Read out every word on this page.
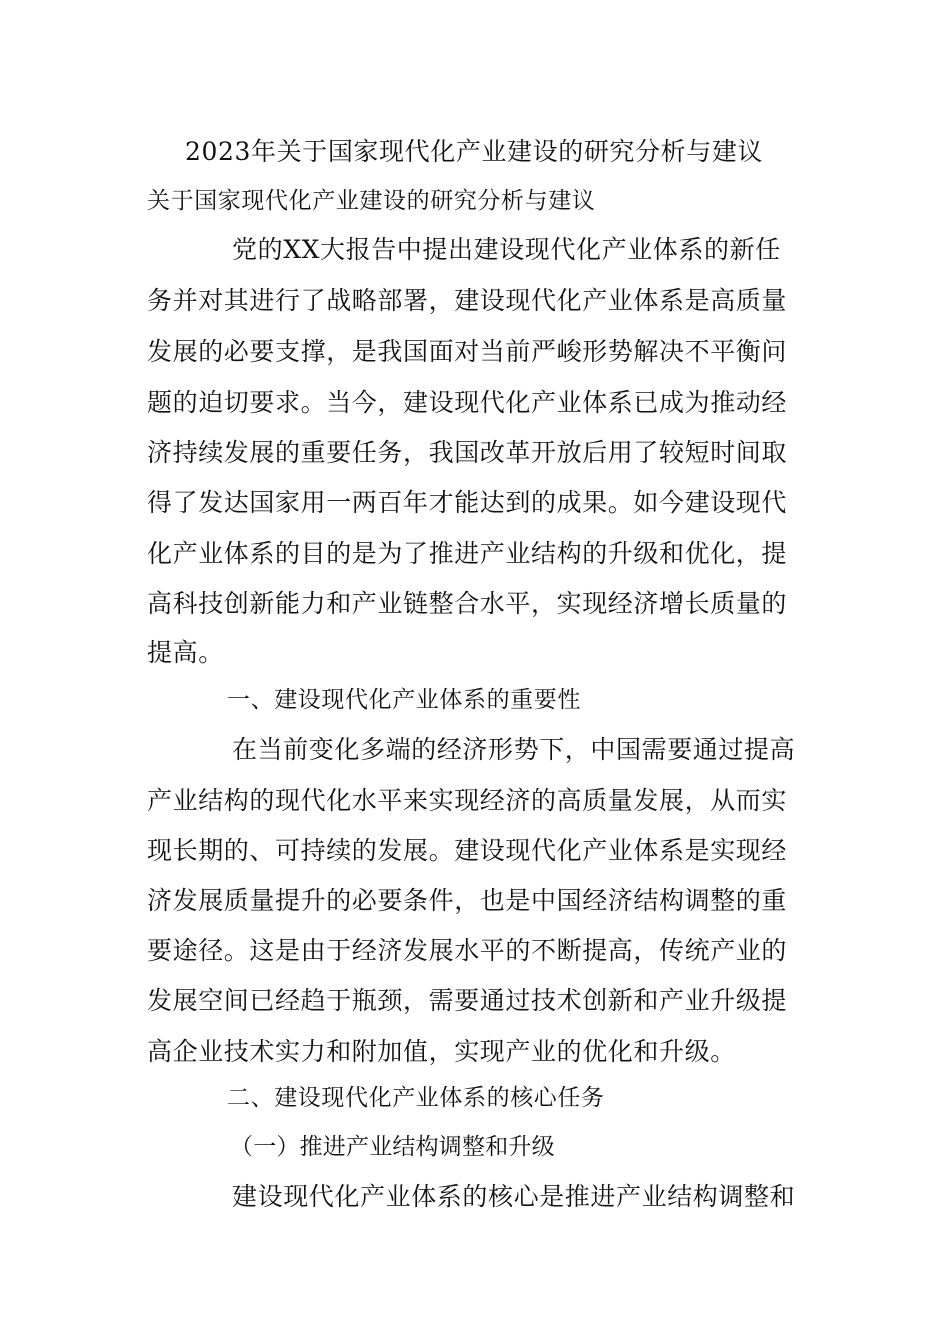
2023年关于国家现代化产业建设的研究分析与建议
关于国家现代化产业建设的研究分析与建议
党的XX大报告中提出建设现代化产业体系的新任
务并对其进行了战略部署，建设现代化产业体系是高质量
发展的必要支撑，是我国面对当前严峻形势解决不平衡问
题的迫切要求。当今，建设现代化产业体系已成为推动经
济持续发展的重要任务，我国改革开放后用了较短时间取
得了发达国家用一两百年才能达到的成果。如今建设现代
化产业体系的目的是为了推进产业结构的升级和优化，提
高科技创新能力和产业链整合水平，实现经济增长质量的
提高。
一、建设现代化产业体系的重要性
在当前变化多端的经济形势下，中国需要通过提高
产业结构的现代化水平来实现经济的高质量发展，从而实
现长期的、可持续的发展。建设现代化产业体系是实现经
济发展质量提升的必要条件，也是中国经济结构调整的重
要途径。这是由于经济发展水平的不断提高，传统产业的
发展空间已经趋于瓶颈，需要通过技术创新和产业升级提
高企业技术实力和附加值，实现产业的优化和升级。
二、建设现代化产业体系的核心任务
（一）推进产业结构调整和升级
建设现代化产业体系的核心是推进产业结构调整和
